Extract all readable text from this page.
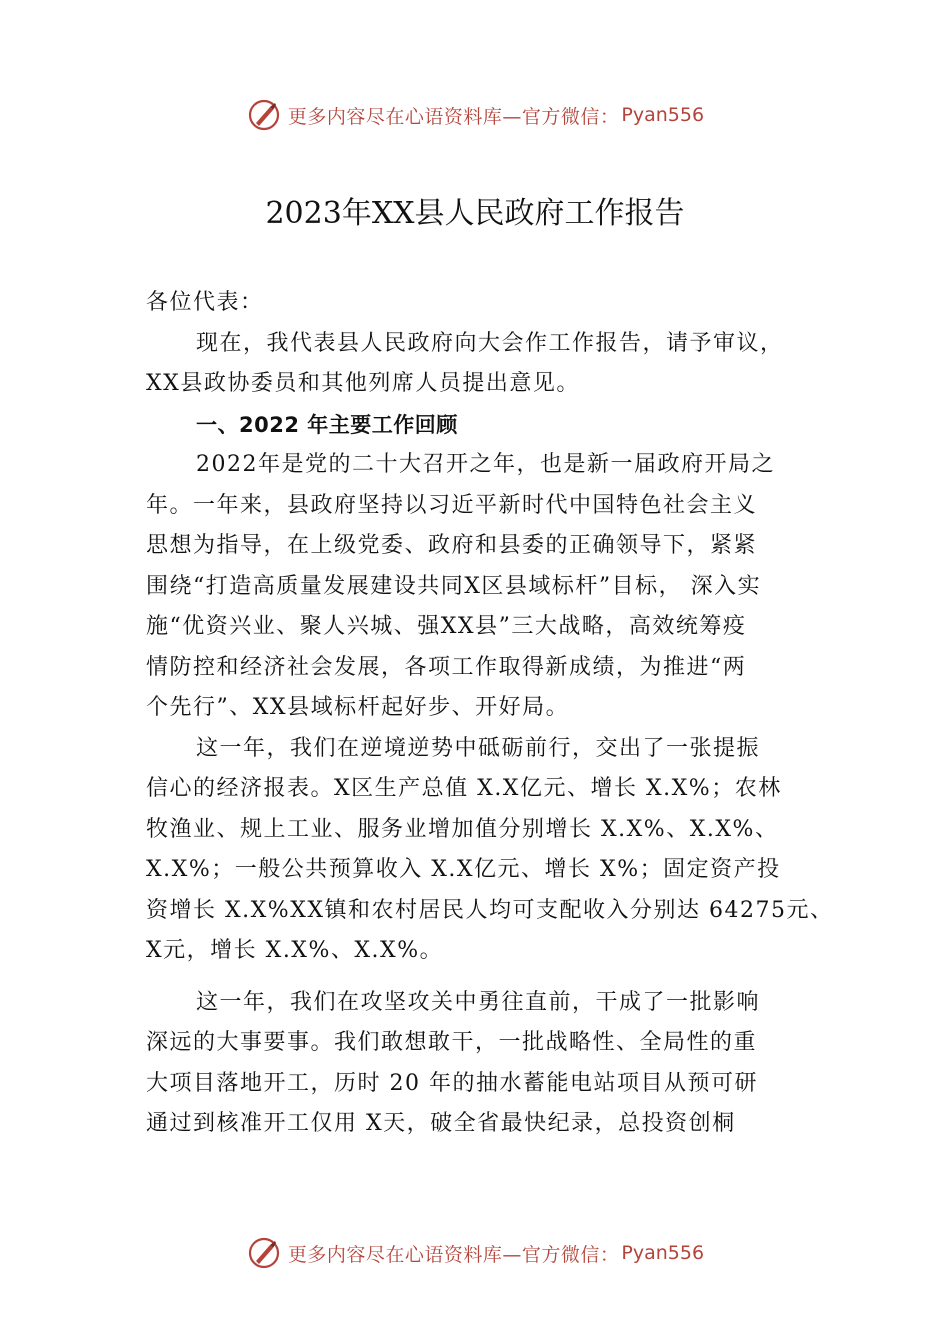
更多内容尽在心语资料库—官方微信： Pyan556
2023年XX县人民政府工作报告
各位代表：
现在，我代表县人民政府向大会作工作报告，请予审议，
XX县政协委员和其他列席人员提出意见。
一、2022 年主要工作回顾
2022年是党的二十大召开之年，也是新一届政府开局之
年。一年来，县政府坚持以习近平新时代中国特色社会主义
思想为指导，在上级党委、政府和县委的正确领导下，紧紧
围绕“打造高质量发展建设共同X区县域标杆”目标， 深入实
施“优资兴业、聚人兴城、强XX县”三大战略，高效统筹疫
情防控和经济社会发展，各项工作取得新成绩，为推进“两
个先行”、XX县域标杆起好步、开好局。
这一年，我们在逆境逆势中砥砺前行，交出了一张提振
信心的经济报表。X区生产总值 X.X亿元、增长 X.X%；农林
牧渔业、规上工业、服务业增加值分别增长 X.X%、X.X%、
X.X%；一般公共预算收入 X.X亿元、增长 X%；固定资产投
资增长 X.X%XX镇和农村居民人均可支配收入分别达 64275元、
X元，增长 X.X%、X.X%。
这一年，我们在攻坚攻关中勇往直前，干成了一批影响
深远的大事要事。我们敢想敢干，一批战略性、全局性的重
大项目落地开工，历时 20 年的抽水蓄能电站项目从预可研
通过到核准开工仅用 X天，破全省最快纪录，总投资创桐
更多内容尽在心语资料库—官方微信： Pyan556
